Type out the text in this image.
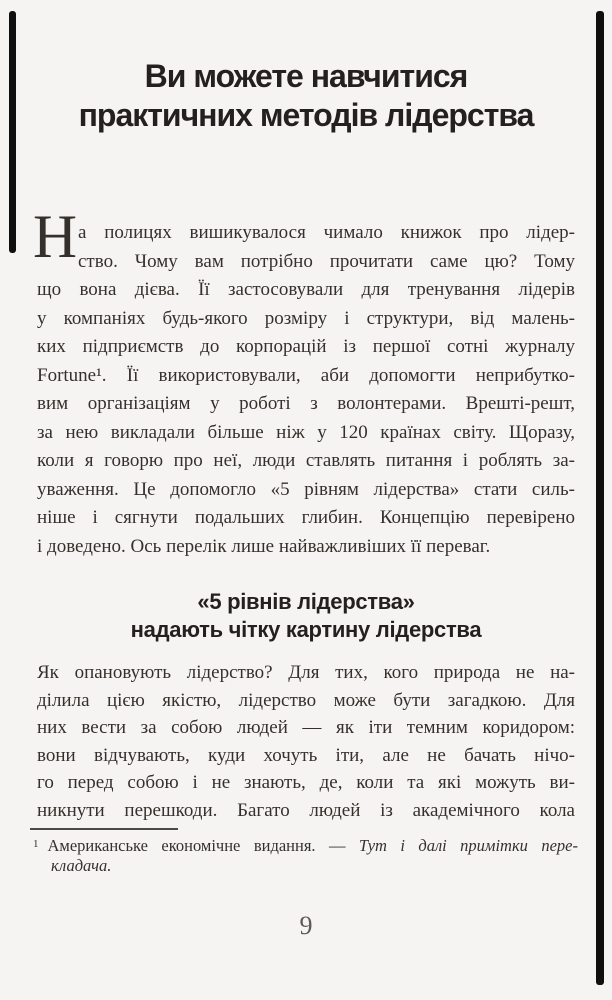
Ви можете навчитися
практичних методів лідерства
Н а полицях вишикувалося чимало книжок про лідер-
ство. Чому вам потрібно прочитати саме цю? Тому
що вона дієва. Її застосовували для тренування лідерів
у компаніях будь-якого розміру і структури, від малень-
ких підприємств до корпорацій із першої сотні журналу
Fortune¹. Її використовували, аби допомогти неприбутко-
вим організаціям у роботі з волонтерами. Врешті-решт,
за нею викладали більше ніж у 120 країнах світу. Щоразу,
коли я говорю про неї, люди ставлять питання і роблять за-
уваження. Це допомогло «5 рівням лідерства» стати силь-
ніше і сягнути подальших глибин. Концепцію перевірено
і доведено. Ось перелік лише найважливіших її переваг.
«5 рівнів лідерства»
надають чітку картину лідерства
Як опановують лідерство? Для тих, кого природа не на-
ділила цією якістю, лідерство може бути загадкою. Для
них вести за собою людей — як іти темним коридором:
вони відчувають, куди хочуть іти, але не бачать нічо-
го перед собою і не знають, де, коли та які можуть ви-
никнути перешкоди. Багато людей із академічного кола
$^1$ Американське економічне видання. — Тут і далі примітки пере-
кладача.
9
